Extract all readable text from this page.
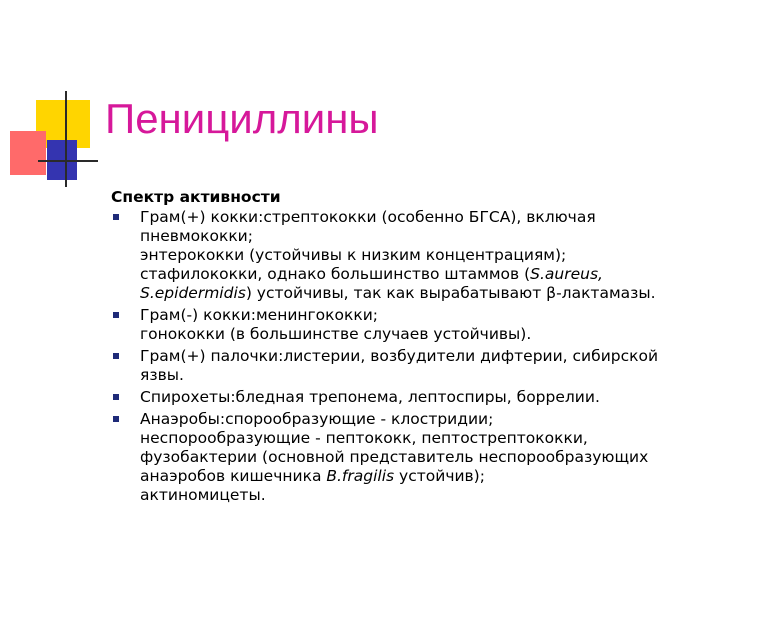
Пенициллины
Спектр активности
Грам(+) кокки:стрептококки (особенно БГСА), включая
пневмококки;
энтерококки (устойчивы к низким концентрациям);
стафилококки, однако большинство штаммов (S.aureus,
S.epidermidis) устойчивы, так как вырабатывают β-лактамазы.
Грам(-) кокки:менингококки;
гонококки (в большинстве случаев устойчивы).
Грам(+) палочки:листерии, возбудители дифтерии, сибирской
язвы.
Спирохеты:бледная трепонема, лептоспиры, боррелии.
Анаэробы:спорообразующие - клостридии;
неспорообразующие - пептококк, пептострептококки,
фузобактерии (основной представитель неспорообразующих
анаэробов кишечника B.fragilis устойчив);
актиномицеты.
